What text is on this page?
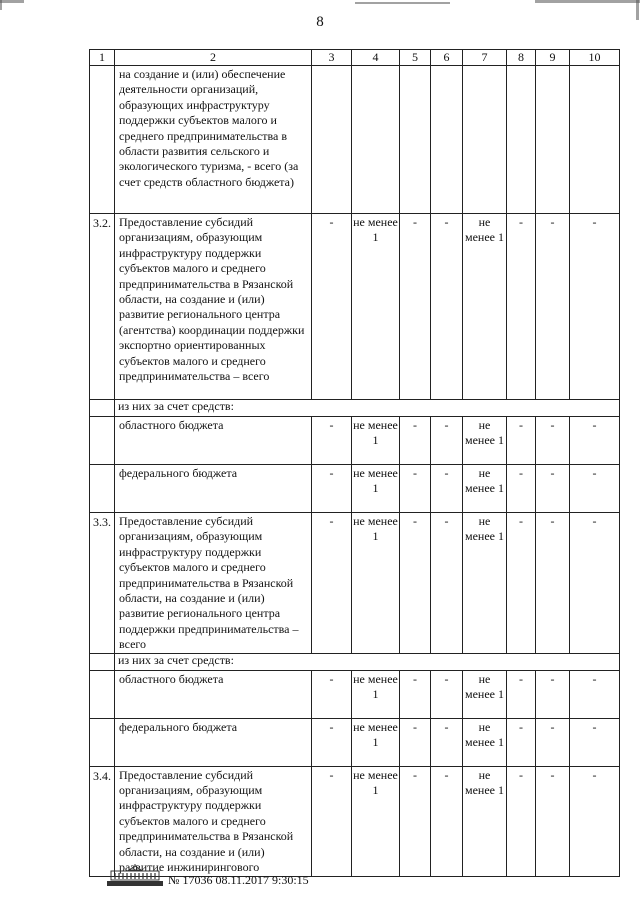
8
1	2	3	4	5	6	7	8	9	10
	на создание и (или) обеспечение деятельности организаций, образующих инфраструктуру поддержки субъектов малого и среднего предпринимательства в области развития сельского и экологического туризма, - всего (за счет средств областного бюджета)								
3.2.	Предоставление субсидий организациям, образующим инфраструктуру поддержки субъектов малого и среднего предпринимательства в Рязанской области, на создание и (или) развитие регионального центра (агентства) координации поддержки экспортно ориентированных субъектов малого и среднего предпринимательства – всего	-	не менее 1	-	-	не менее 1	-	-	-
	из них за счет средств:								
	областного бюджета	-	не менее 1	-	-	не менее 1	-	-	-
	федерального бюджета	-	не менее 1	-	-	не менее 1	-	-	-
3.3.	Предоставление субсидий организациям, образующим инфраструктуру поддержки субъектов малого и среднего предпринимательства в Рязанской области, на создание и (или) развитие регионального центра поддержки предпринимательства – всего	-	не менее 1	-	-	не менее 1	-	-	-
	из них за счет средств:								
	областного бюджета	-	не менее 1	-	-	не менее 1	-	-	-
	федерального бюджета	-	не менее 1	-	-	не менее 1	-	-	-
3.4.	Предоставление субсидий организациям, образующим инфраструктуру поддержки субъектов малого и среднего предпринимательства в Рязанской области, на создание и (или) развитие инжинирингового	-	не менее 1	-	-	не менее 1	-	-	-
№ 17036 08.11.2017 9:30:15
